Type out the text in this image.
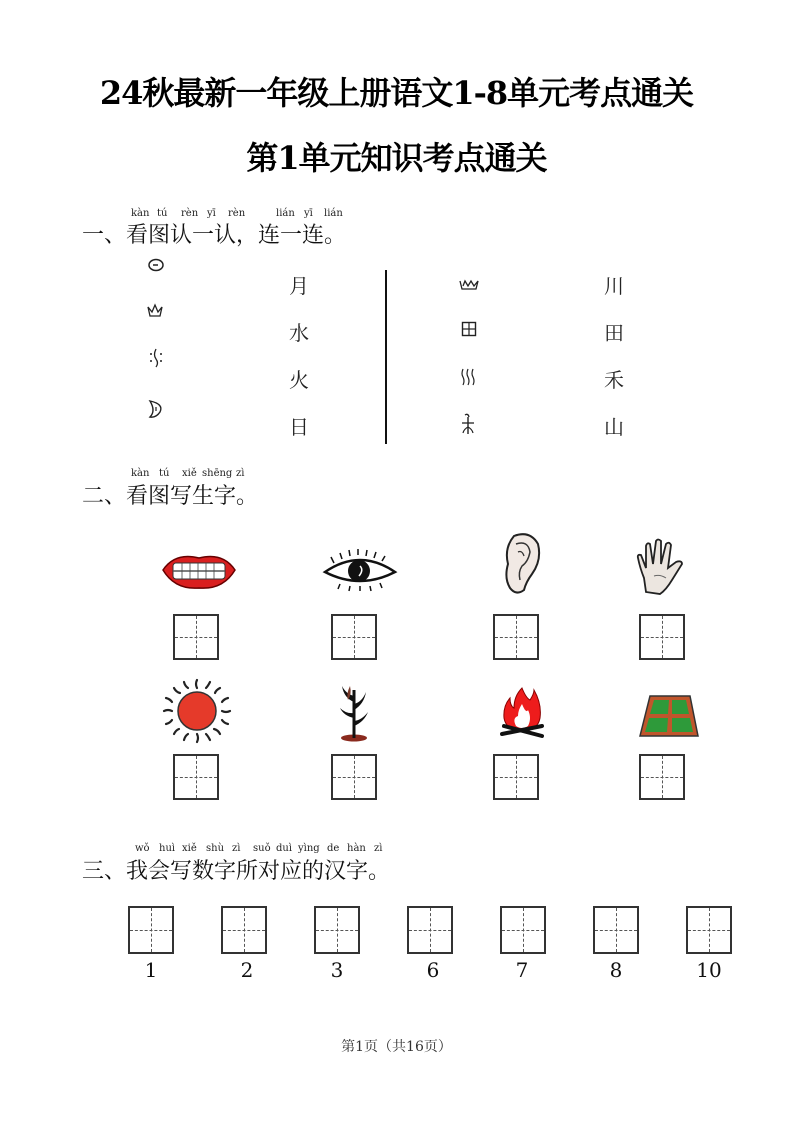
24秋最新一年级上册语文1-8单元考点通关
第1单元知识考点通关
kàn tú rèn yī rèn	lián yī lián
一、看图认一认，连一连。
月
水
火
日
川
田
禾
山
kàn tú xiě shēng zì
二、看图写生字。
wǒ huì xiě shù zì suǒ duì yìng de hàn zì
三、我会写数字所对应的汉字。
1	2	3	6	7	8	10
第1页（共16页）
